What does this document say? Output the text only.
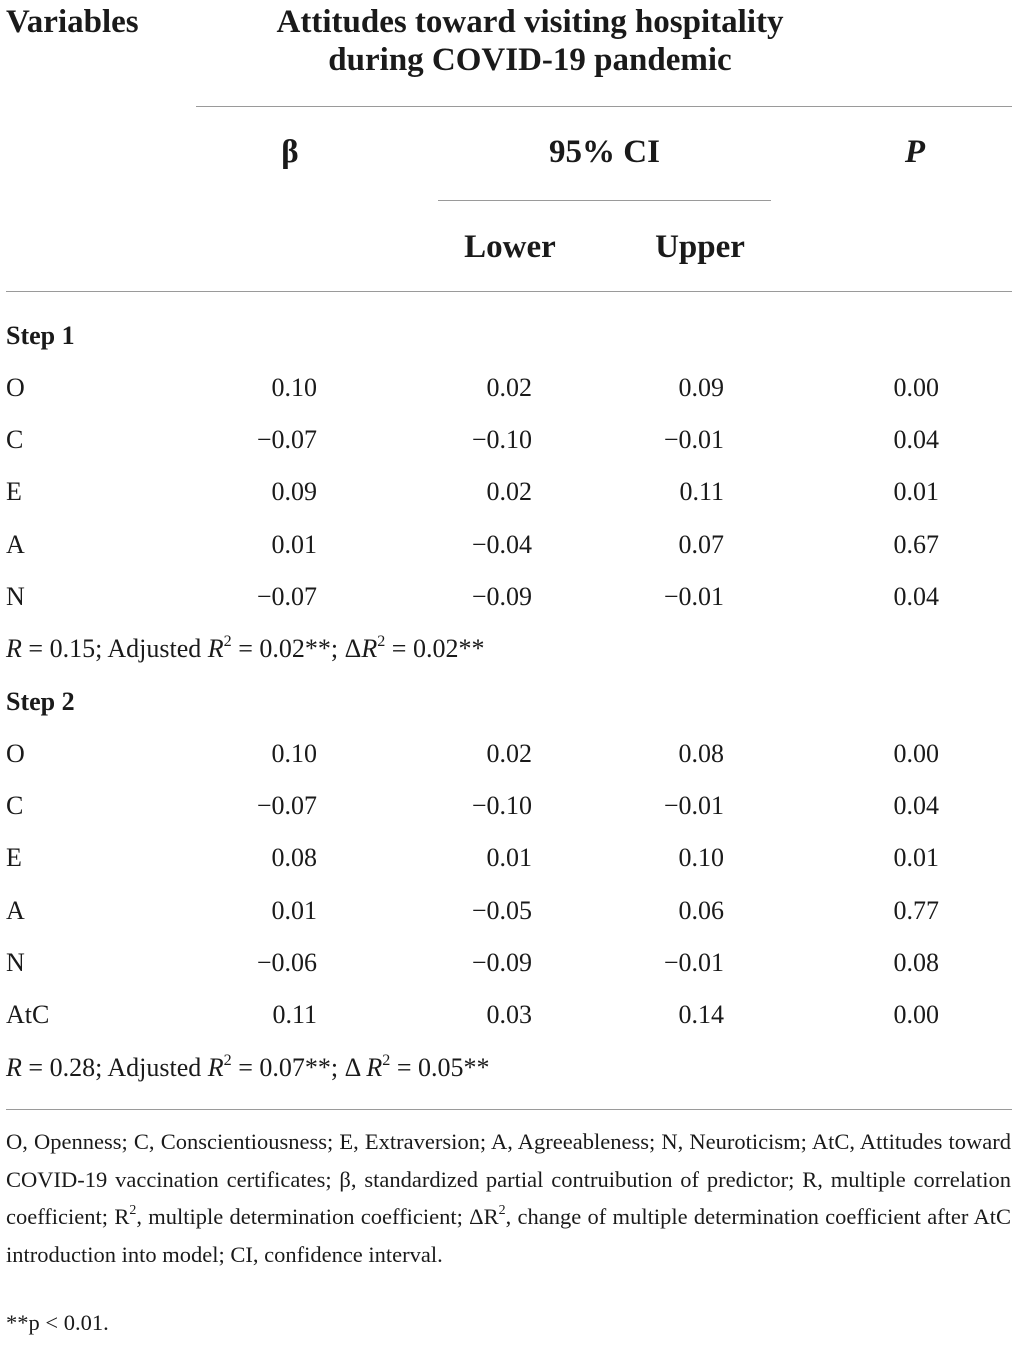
Variables	Attitudes toward visiting hospitality
during COVID-19 pandemic
β	95% CI	P
Lower	Upper
Step 1
O	0.10	0.02	0.09	0.00
C	−0.07	−0.10	−0.01	0.04
E	0.09	0.02	0.11	0.01
A	0.01	−0.04	0.07	0.67
N	−0.07	−0.09	−0.01	0.04
R = 0.15; Adjusted $R^2 = 0.02**$; $\Delta R^2 = 0.02**$
Step 2
O	0.10	0.02	0.08	0.00
C	−0.07	−0.10	−0.01	0.04
E	0.08	0.01	0.10	0.01
A	0.01	−0.05	0.06	0.77
N	−0.06	−0.09	−0.01	0.08
AtC	0.11	0.03	0.14	0.00
R = 0.28; Adjusted $R^2 = 0.07**$; Δ $R^2 = 0.05**$
O, Openness; C, Conscientiousness; E, Extraversion; A, Agreeableness; N, Neuroticism; AtC, Attitudes toward COVID-19 vaccination certificates; β, standardized partial contruibution of predictor; R, multiple correlation coefficient; $R^2$, multiple determination coefficient; $\Delta R^2$, change of multiple determination coefficient after AtC introduction into model; CI, confidence interval.
**p < 0.01.
